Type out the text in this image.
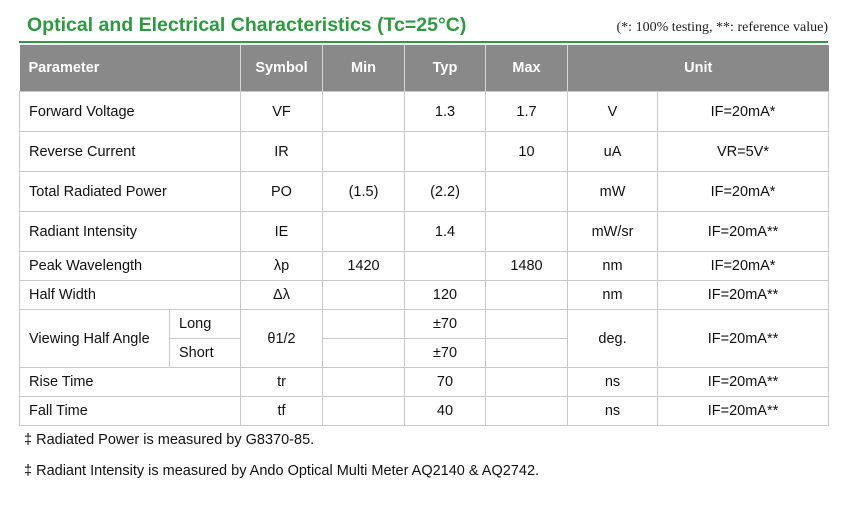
Optical and Electrical Characteristics (Tc=25°C)	(*: 100% testing, **: reference value)
Parameter		Symbol	Min	Typ	Max	Unit	
Forward Voltage		VF		1.3	1.7	V	IF=20mA*
Reverse Current		IR			10	uA	VR=5V*
Total Radiated Power		PO	(1.5)	(2.2)		mW	IF=20mA*
Radiant Intensity		IE		1.4		mW/sr	IF=20mA**
Peak Wavelength		λp	1420		1480	nm	IF=20mA*
Half Width		Δλ		120		nm	IF=20mA**
Viewing Half Angle	Long	θ1/2		±70		deg.	IF=20mA**
	Short			±70			
Rise Time		tr		70		ns	IF=20mA**
Fall Time		tf		40		ns	IF=20mA**
‡ Radiated Power is measured by G8370-85.
‡ Radiant Intensity is measured by Ando Optical Multi Meter AQ2140 & AQ2742.
